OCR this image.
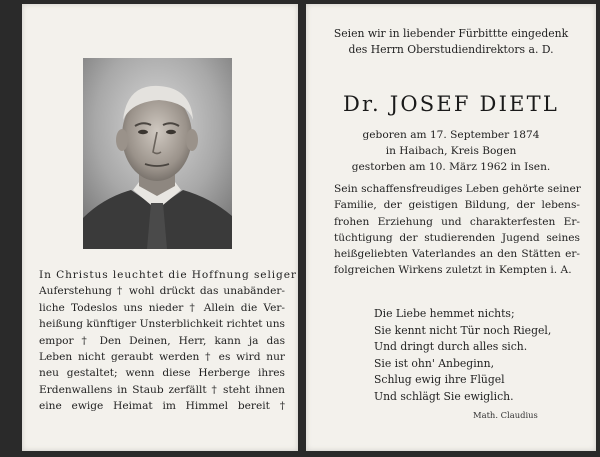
In Christus leuchtet die Hoffnung seliger
Auferstehung † wohl drückt das unabänder-
liche Todeslos uns nieder † Allein die Ver-
heißung künftiger Unsterblichkeit richtet uns
empor † Den Deinen, Herr, kann ja das
Leben nicht geraubt werden † es wird nur
neu gestaltet; wenn diese Herberge ihres
Erdenwallens in Staub zerfällt † steht ihnen
eine ewige Heimat im Himmel bereit †
Seien wir in liebender Fürbittte eingedenk
des Herrn Oberstudiendirektors a. D.
Dr. JOSEF DIETL
geboren am 17. September 1874
in Haibach, Kreis Bogen
gestorben am 10. März 1962 in Isen.
Sein schaffensfreudiges Leben gehörte seiner
Familie, der geistigen Bildung, der lebens-
frohen Erziehung und charakterfesten Er-
tüchtigung der studierenden Jugend seines
heißgeliebten Vaterlandes an den Stätten er-
folgreichen Wirkens zuletzt in Kempten i. A.
Die Liebe hemmet nichts;
Sie kennt nicht Tür noch Riegel,
Und dringt durch alles sich.
Sie ist ohn' Anbeginn,
Schlug ewig ihre Flügel
Und schlägt Sie ewiglich.
Math. Claudius
